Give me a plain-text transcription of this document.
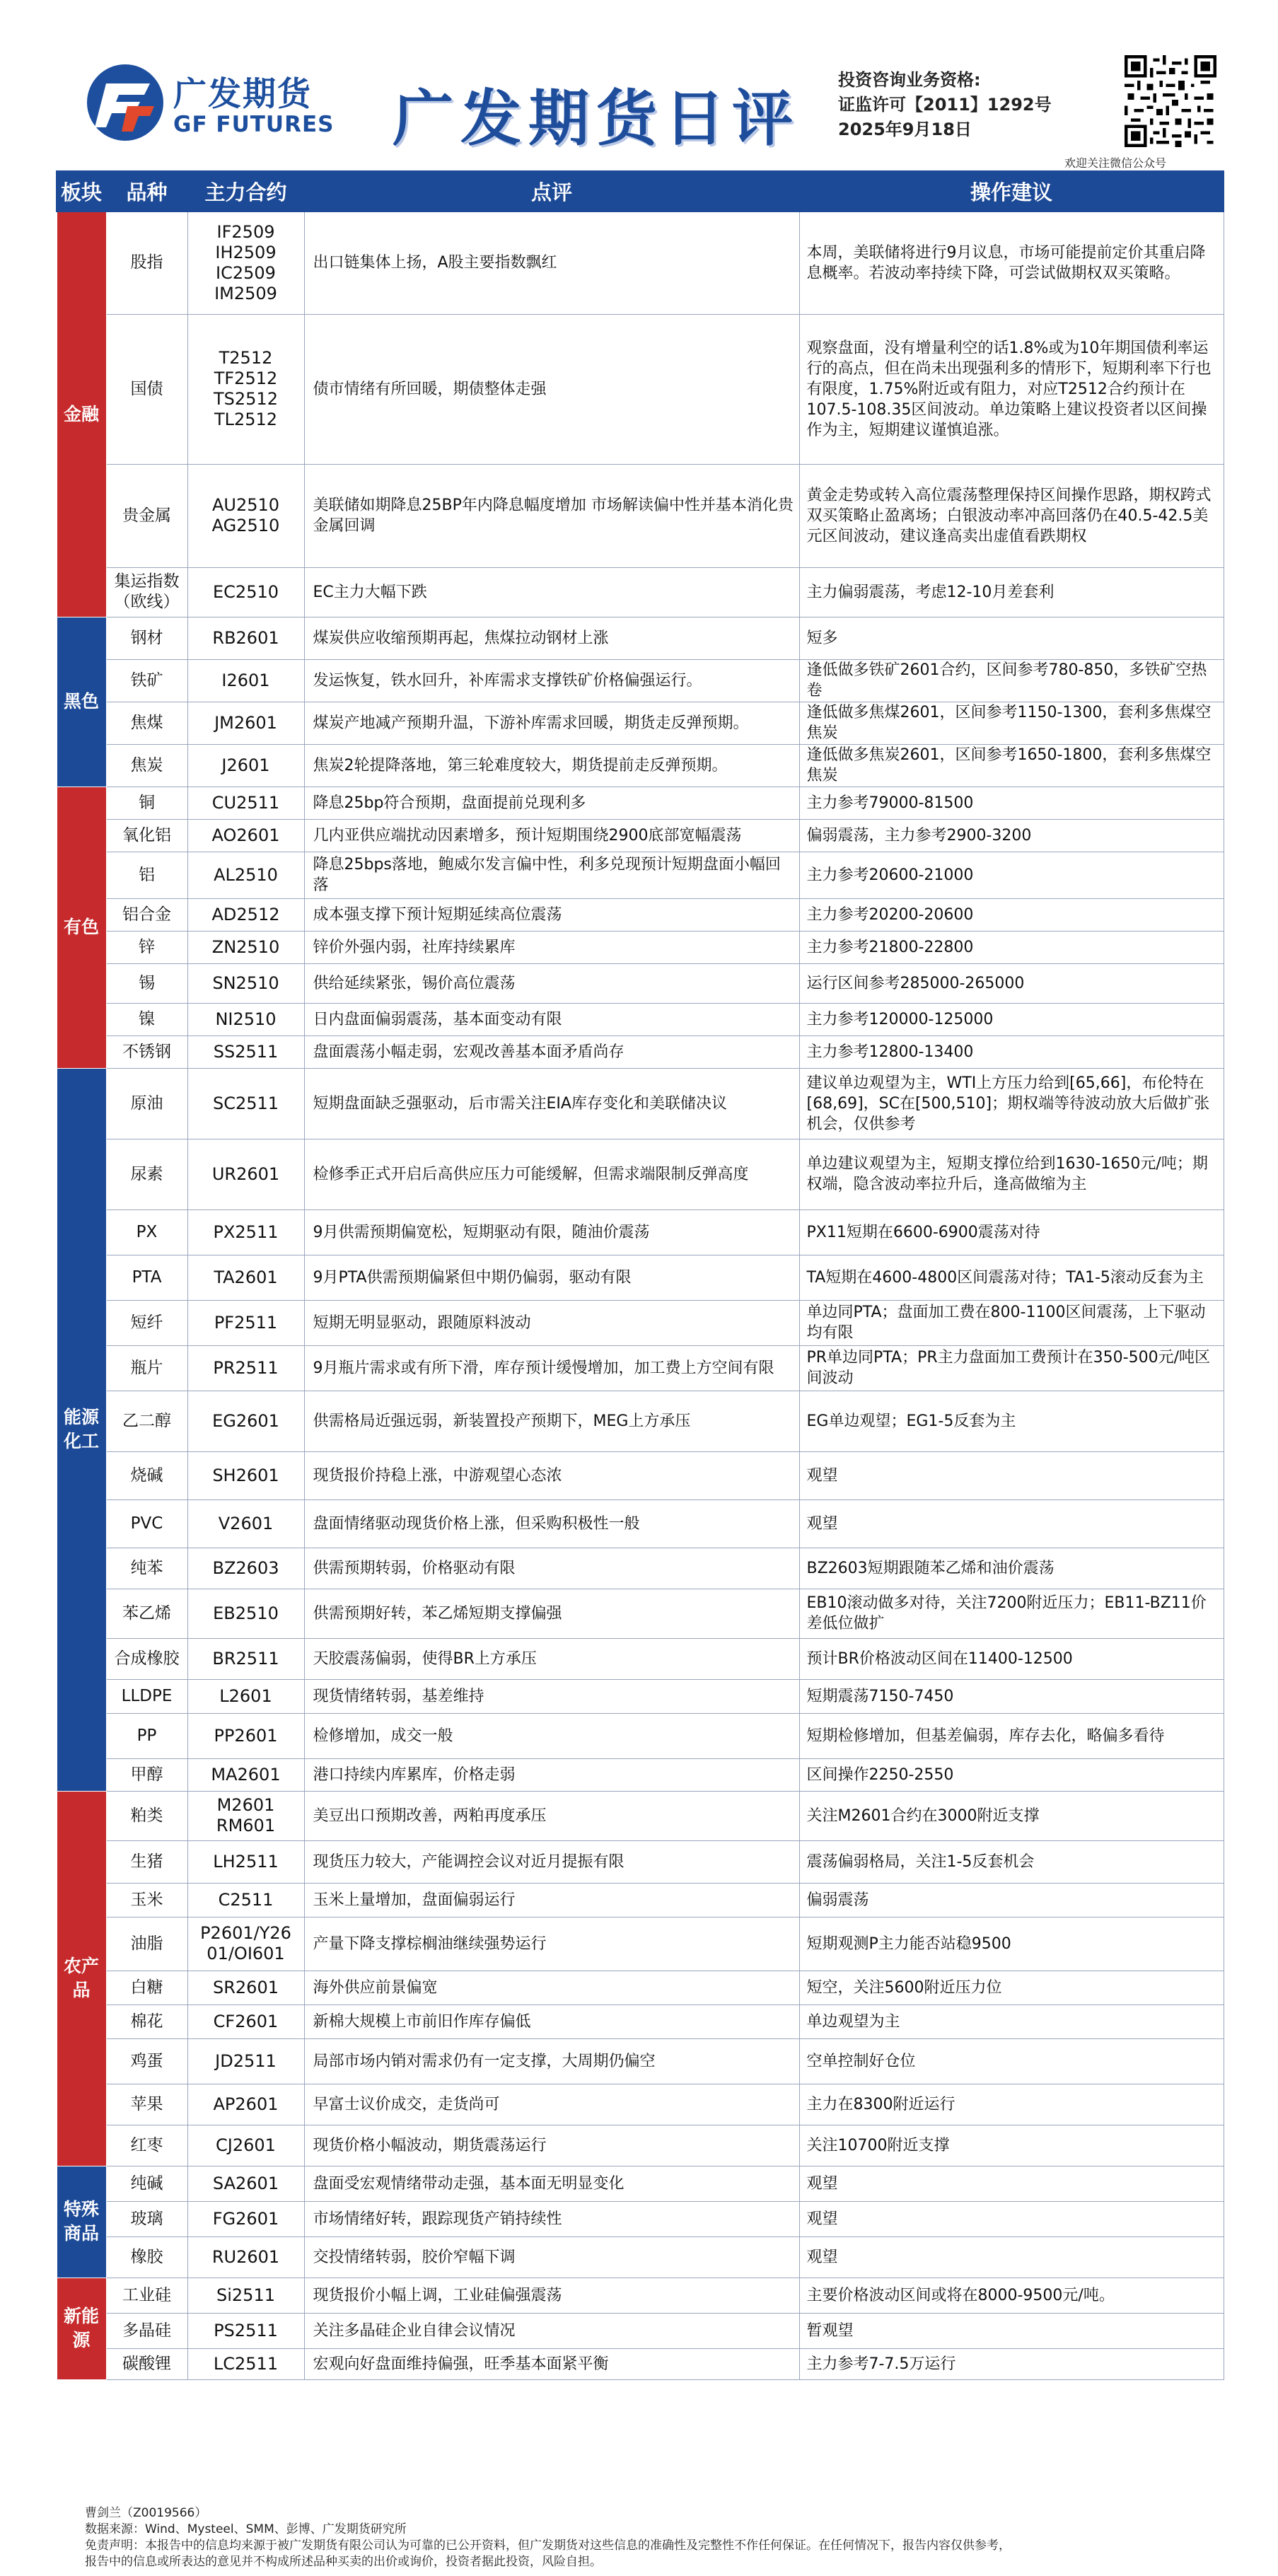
广发期货
GF FUTURES 广发期货日评
投资咨询业务资格:
证监许可【2011】1292号
2025年9月18日
欢迎关注微信公众号
板块	品种	主力合约	点评	操作建议

金融	股指	IF2509
IH2509
IC2509
IM2509	出口链集体上扬，A股主要指数飘红	本周，美联储将进行9月议息，市场可能提前定价其重启降息概率。若波动率持续下降，可尝试做期权双买策略。
	国债	T2512
TF2512
TS2512
TL2512	债市情绪有所回暖，期债整体走强	观察盘面，没有增量利空的话1.8%或为10年期国债利率运行的高点，但在尚未出现强利多的情形下，短期利率下行也有限度，1.75%附近或有阻力，对应T2512合约预计在107.5-108.35区间波动。单边策略上建议投资者以区间操作为主，短期建议谨慎追涨。
	贵金属	AU2510
AG2510	美联储如期降息25BP年内降息幅度增加 市场解读偏中性并基本消化贵金属回调	黄金走势或转入高位震荡整理保持区间操作思路，期权跨式双买策略止盈离场；白银波动率冲高回落仍在40.5-42.5美元区间波动，建议逢高卖出虚值看跌期权
	集运指数
（欧线）	EC2510	EC主力大幅下跌	主力偏弱震荡，考虑12-10月差套利

黑色	钢材	RB2601	煤炭供应收缩预期再起，焦煤拉动钢材上涨	短多
	铁矿	I2601	发运恢复，铁水回升，补库需求支撑铁矿价格偏强运行。	逢低做多铁矿2601合约，区间参考780-850，多铁矿空热卷
	焦煤	JM2601	煤炭产地减产预期升温，下游补库需求回暖，期货走反弹预期。	逢低做多焦煤2601，区间参考1150-1300，套利多焦煤空焦炭
	焦炭	J2601	焦炭2轮提降落地，第三轮难度较大，期货提前走反弹预期。	逢低做多焦炭2601，区间参考1650-1800，套利多焦煤空焦炭

有色	铜	CU2511	降息25bp符合预期，盘面提前兑现利多	主力参考79000-81500
	氧化铝	AO2601	几内亚供应端扰动因素增多，预计短期围绕2900底部宽幅震荡	偏弱震荡，主力参考2900-3200
	铝	AL2510	降息25bps落地，鲍威尔发言偏中性，利多兑现预计短期盘面小幅回落	主力参考20600-21000
	铝合金	AD2512	成本强支撑下预计短期延续高位震荡	主力参考20200-20600
	锌	ZN2510	锌价外强内弱，社库持续累库	主力参考21800-22800
	锡	SN2510	供给延续紧张，锡价高位震荡	运行区间参考285000-265000
	镍	NI2510	日内盘面偏弱震荡，基本面变动有限	主力参考120000-125000
	不锈钢	SS2511	盘面震荡小幅走弱，宏观改善基本面矛盾尚存	主力参考12800-13400

能源
化工	原油	SC2511	短期盘面缺乏强驱动，后市需关注EIA库存变化和美联储决议	建议单边观望为主，WTI上方压力给到[65,66]，布伦特在[68,69]，SC在[500,510]；期权端等待波动放大后做扩张机会，仅供参考
	尿素	UR2601	检修季正式开启后高供应压力可能缓解，但需求端限制反弹高度	单边建议观望为主，短期支撑位给到1630-1650元/吨；期权端，隐含波动率拉升后，逢高做缩为主
	PX	PX2511	9月供需预期偏宽松，短期驱动有限，随油价震荡	PX11短期在6600-6900震荡对待
	PTA	TA2601	9月PTA供需预期偏紧但中期仍偏弱，驱动有限	TA短期在4600-4800区间震荡对待；TA1-5滚动反套为主
	短纤	PF2511	短期无明显驱动，跟随原料波动	单边同PTA；盘面加工费在800-1100区间震荡，上下驱动均有限
	瓶片	PR2511	9月瓶片需求或有所下滑，库存预计缓慢增加，加工费上方空间有限	PR单边同PTA；PR主力盘面加工费预计在350-500元/吨区间波动
	乙二醇	EG2601	供需格局近强远弱，新装置投产预期下，MEG上方承压	EG单边观望；EG1-5反套为主
	烧碱	SH2601	现货报价持稳上涨，中游观望心态浓	观望
	PVC	V2601	盘面情绪驱动现货价格上涨，但采购积极性一般	观望
	纯苯	BZ2603	供需预期转弱，价格驱动有限	BZ2603短期跟随苯乙烯和油价震荡
	苯乙烯	EB2510	供需预期好转，苯乙烯短期支撑偏强	EB10滚动做多对待，关注7200附近压力；EB11-BZ11价差低位做扩
	合成橡胶	BR2511	天胶震荡偏弱，使得BR上方承压	预计BR价格波动区间在11400-12500
	LLDPE	L2601	现货情绪转弱，基差维持	短期震荡7150-7450
	PP	PP2601	检修增加，成交一般	短期检修增加，但基差偏弱，库存去化，略偏多看待
	甲醇	MA2601	港口持续内库累库，价格走弱	区间操作2250-2550

农产品	粕类	M2601
RM601	美豆出口预期改善，两粕再度承压	关注M2601合约在3000附近支撑
	生猪	LH2511	现货压力较大，产能调控会议对近月提振有限	震荡偏弱格局，关注1-5反套机会
	玉米	C2511	玉米上量增加，盘面偏弱运行	偏弱震荡
	油脂	P2601/Y26
01/OI601	产量下降支撑棕榈油继续强势运行	短期观测P主力能否站稳9500
	白糖	SR2601	海外供应前景偏宽	短空，关注5600附近压力位
	棉花	CF2601	新棉大规模上市前旧作库存偏低	单边观望为主
	鸡蛋	JD2511	局部市场内销对需求仍有一定支撑，大周期仍偏空	空单控制好仓位
	苹果	AP2601	早富士议价成交，走货尚可	主力在8300附近运行
	红枣	CJ2601	现货价格小幅波动，期货震荡运行	关注10700附近支撑

特殊
商品	纯碱	SA2601	盘面受宏观情绪带动走强，基本面无明显变化	观望
	玻璃	FG2601	市场情绪好转，跟踪现货产销持续性	观望
	橡胶	RU2601	交投情绪转弱，胶价窄幅下调	观望

新能源	工业硅	Si2511	现货报价小幅上调，工业硅偏强震荡	主要价格波动区间或将在8000-9500元/吨。
	多晶硅	PS2511	关注多晶硅企业自律会议情况	暂观望
	碳酸锂	LC2511	宏观向好盘面维持偏强，旺季基本面紧平衡	主力参考7-7.5万运行
曹剑兰（Z0019566）
数据来源：Wind、Mysteel、SMM、彭博、广发期货研究所
免责声明：本报告中的信息均来源于被广发期货有限公司认为可靠的已公开资料，但广发期货对这些信息的准确性及完整性不作任何保证。在任何情况下，报告内容仅供参考，
报告中的信息或所表达的意见并不构成所述品种买卖的出价或询价，投资者据此投资，风险自担。
